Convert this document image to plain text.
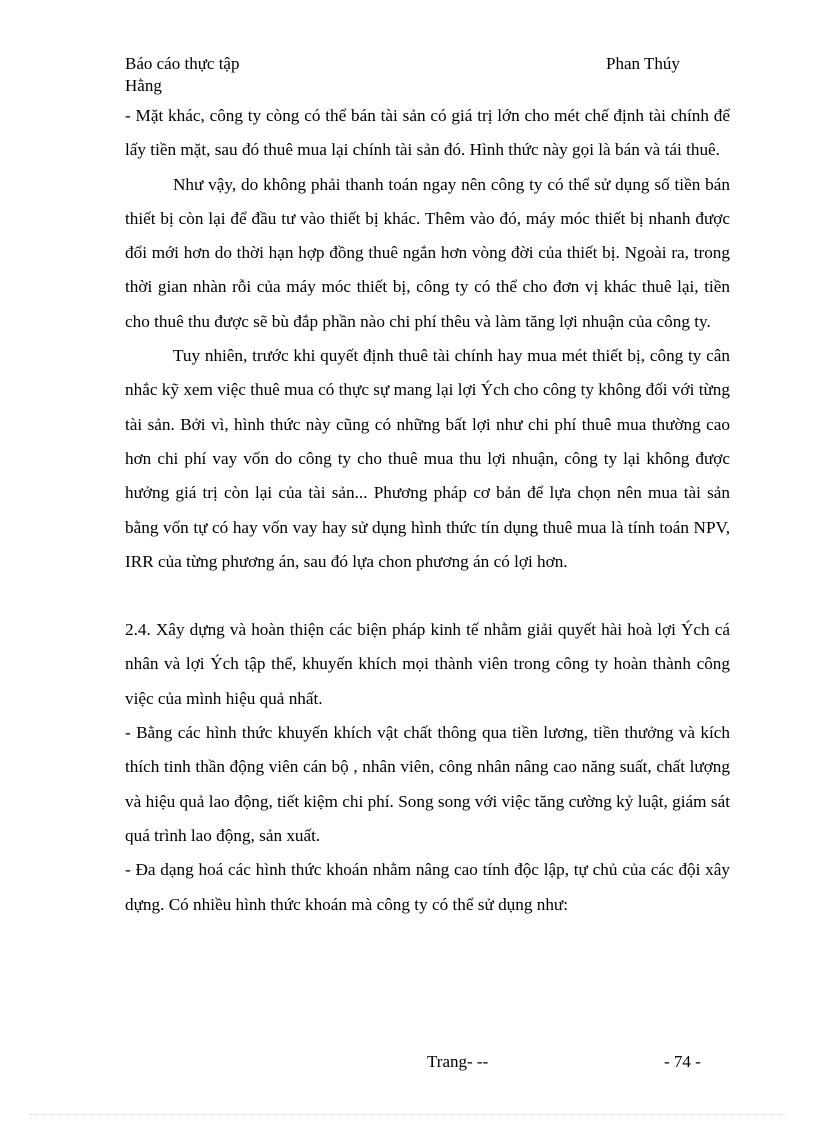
Báo cáo thực tập	Phan Thúy
Hằng

- Mặt khác, công ty còng có thể bán tài sản có giá trị lớn cho mét chế định tài chính để lấy tiền mặt, sau đó thuê mua lại chính tài sản đó. Hình thức này gọi là bán và tái thuê.

Như vậy, do không phải thanh toán ngay nên công ty có thể sử dụng số tiền bán thiết bị còn lại để đầu tư vào thiết bị khác. Thêm vào đó, máy móc thiết bị nhanh được đổi mới hơn do thời hạn hợp đồng thuê ngắn hơn vòng đời của thiết bị. Ngoài ra, trong thời gian nhàn rỗi của máy móc thiết bị, công ty có thể cho đơn vị khác thuê lại, tiền cho thuê thu được sẽ bù đắp phần nào chi phí thêu và làm tăng lợi nhuận của công ty.

Tuy nhiên, trước khi quyết định thuê tài chính hay mua mét thiết bị, công ty cân nhắc kỹ xem việc thuê mua có thực sự mang lại lợi Ých cho công ty không đối với từng tài sản. Bởi vì, hình thức này cũng có những bất lợi như chi phí thuê mua thường cao hơn chi phí vay vốn do công ty cho thuê mua thu lợi nhuận, công ty lại không được hưởng giá trị còn lại của tài sản... Phương pháp cơ bản để lựa chọn nên mua tài sản bằng vốn tự có hay vốn vay hay sử dụng hình thức tín dụng thuê mua là tính toán NPV, IRR của từng phương án, sau đó lựa chon phương án có lợi hơn.

2.4. Xây dựng và hoàn thiện các biện pháp kinh tế nhằm giải quyết hài hoà lợi Ých cá nhân và lợi Ých tập thể, khuyến khích mọi thành viên trong công ty hoàn thành công việc của mình hiệu quả nhất.

- Bằng các hình thức khuyến khích vật chất thông qua tiền lương, tiền thưởng và kích thích tinh thần động viên cán bộ , nhân viên, công nhân nâng cao năng suất, chất lượng và hiệu quả lao động, tiết kiệm chi phí. Song song với việc tăng cường kỷ luật, giám sát quá trình lao động, sản xuất.

- Đa dạng hoá các hình thức khoán nhằm nâng cao tính độc lập, tự chủ của các đội xây dựng. Có nhiều hình thức khoán mà công ty có thể sử dụng như:

Trang- --	- 74 -
